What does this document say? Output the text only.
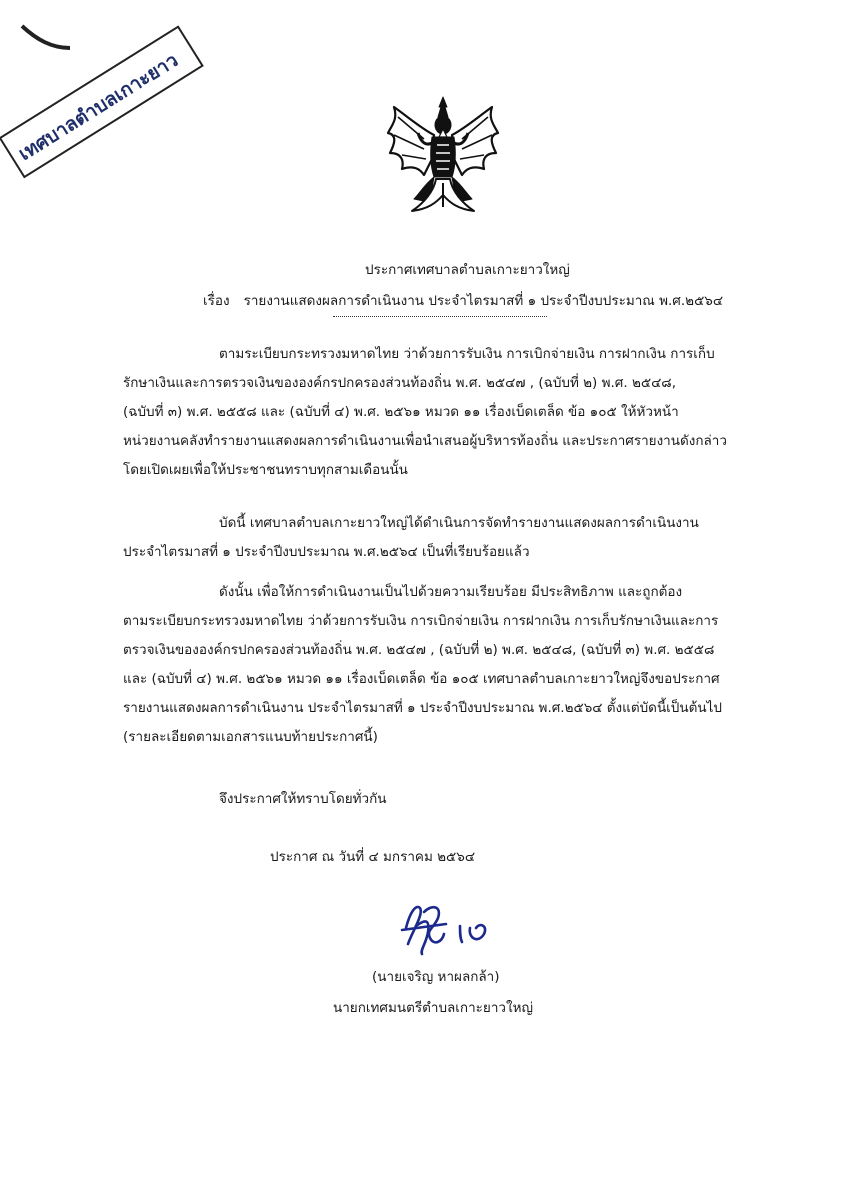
เทศบาลตำบลเกาะยาว
ประกาศเทศบาลตำบลเกาะยาวใหญ่
เรื่อง รายงานแสดงผลการดำเนินงาน ประจำไตรมาสที่ ๑ ประจำปีงบประมาณ พ.ศ.๒๕๖๔
ตามระเบียบกระทรวงมหาดไทย ว่าด้วยการรับเงิน การเบิกจ่ายเงิน การฝากเงิน การเก็บ
รักษาเงินและการตรวจเงินขององค์กรปกครองส่วนท้องถิ่น พ.ศ. ๒๕๔๗ , (ฉบับที่ ๒) พ.ศ. ๒๕๔๘,
(ฉบับที่ ๓) พ.ศ. ๒๕๕๘ และ (ฉบับที่ ๔) พ.ศ. ๒๕๖๑ หมวด ๑๑ เรื่องเบ็ดเตล็ด ข้อ ๑๐๕ ให้หัวหน้า
หน่วยงานคลังทำรายงานแสดงผลการดำเนินงานเพื่อนำเสนอผู้บริหารท้องถิ่น และประกาศรายงานดังกล่าว
โดยเปิดเผยเพื่อให้ประชาชนทราบทุกสามเดือนนั้น
บัดนี้ เทศบาลตำบลเกาะยาวใหญ่ได้ดำเนินการจัดทำรายงานแสดงผลการดำเนินงาน
ประจำไตรมาสที่ ๑ ประจำปีงบประมาณ พ.ศ.๒๕๖๔ เป็นที่เรียบร้อยแล้ว
ดังนั้น เพื่อให้การดำเนินงานเป็นไปด้วยความเรียบร้อย มีประสิทธิภาพ และถูกต้อง
ตามระเบียบกระทรวงมหาดไทย ว่าด้วยการรับเงิน การเบิกจ่ายเงิน การฝากเงิน การเก็บรักษาเงินและการ
ตรวจเงินขององค์กรปกครองส่วนท้องถิ่น พ.ศ. ๒๕๔๗ , (ฉบับที่ ๒) พ.ศ. ๒๕๔๘, (ฉบับที่ ๓) พ.ศ. ๒๕๕๘
และ (ฉบับที่ ๔) พ.ศ. ๒๕๖๑ หมวด ๑๑ เรื่องเบ็ดเตล็ด ข้อ ๑๐๕ เทศบาลตำบลเกาะยาวใหญ่จึงขอประกาศ
รายงานแสดงผลการดำเนินงาน ประจำไตรมาสที่ ๑ ประจำปีงบประมาณ พ.ศ.๒๕๖๔ ตั้งแต่บัดนี้เป็นต้นไป
(รายละเอียดตามเอกสารแนบท้ายประกาศนี้)
จึงประกาศให้ทราบโดยทั่วกัน
ประกาศ ณ วันที่ ๔ มกราคม ๒๕๖๔
(นายเจริญ หาผลกล้า)
นายกเทศมนตรีตำบลเกาะยาวใหญ่
